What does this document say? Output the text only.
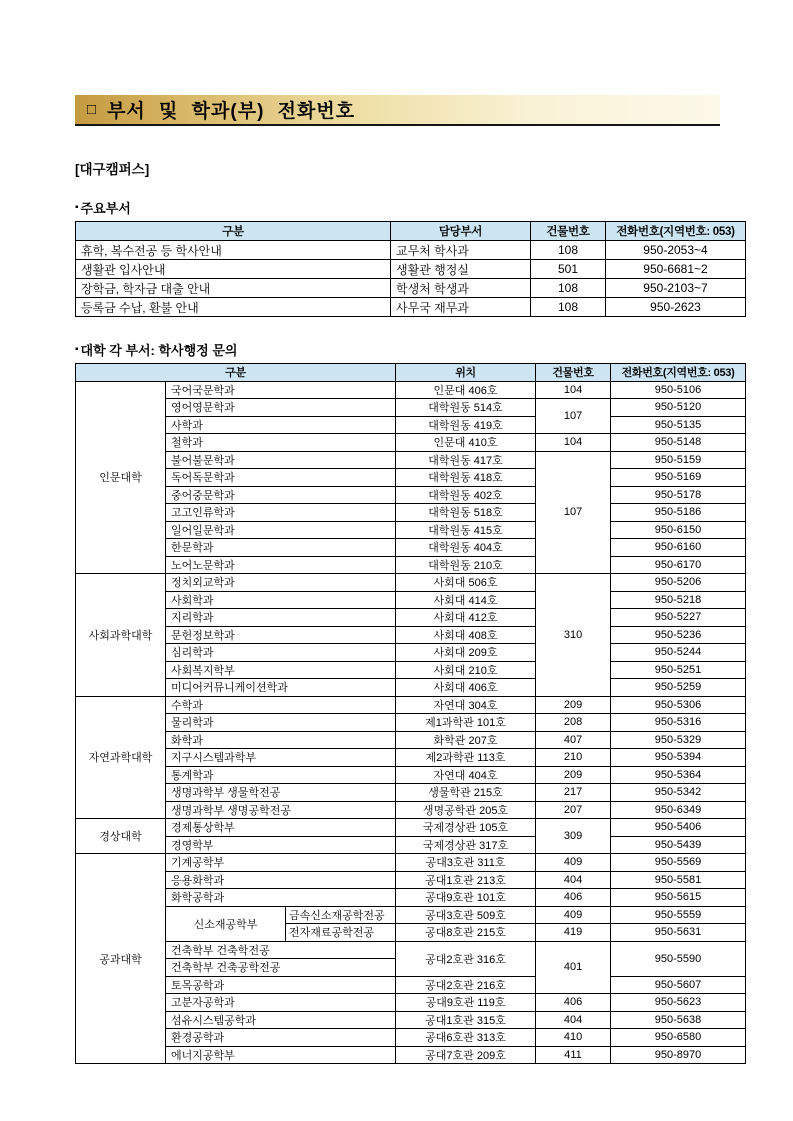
□ 부서 및 학과(부) 전화번호
[대구캠퍼스]
▪ 주요부서
구분	담당부서	건물번호	전화번호(지역번호: 053)
휴학, 복수전공 등 학사안내	교무처 학사과	108	950-2053~4
생활관 입사안내	생활관 행정실	501	950-6681~2
장학금, 학자금 대출 안내	학생처 학생과	108	950-2103~7
등록금 수납, 환불 안내	사무국 재무과	108	950-2623
▪ 대학 각 부서: 학사행정 문의
구분			위치	건물번호	전화번호(지역번호: 053)
인문대학	국어국문학과		인문대 406호	104	950-5106
	영어영문학과		대학원동 514호	107	950-5120
	사학과		대학원동 419호		950-5135
	철학과		인문대 410호	104	950-5148
	불어불문학과		대학원동 417호	107	950-5159
	독어독문학과		대학원동 418호		950-5169
	중어중문학과		대학원동 402호		950-5178
	고고인류학과		대학원동 518호		950-5186
	일어일문학과		대학원동 415호		950-6150
	한문학과		대학원동 404호		950-6160
	노어노문학과		대학원동 210호		950-6170
사회과학대학	정치외교학과		사회대 506호	310	950-5206
	사회학과		사회대 414호		950-5218
	지리학과		사회대 412호		950-5227
	문헌정보학과		사회대 408호		950-5236
	심리학과		사회대 209호		950-5244
	사회복지학부		사회대 210호		950-5251
	미디어커뮤니케이션학과		사회대 406호		950-5259
자연과학대학	수학과		자연대 304호	209	950-5306
	물리학과		제1과학관 101호	208	950-5316
	화학과		화학관 207호	407	950-5329
	지구시스템과학부		제2과학관 113호	210	950-5394
	통계학과		자연대 404호	209	950-5364
	생명과학부 생물학전공		생물학관 215호	217	950-5342
	생명과학부 생명공학전공		생명공학관 205호	207	950-6349
경상대학	경제통상학부		국제경상관 105호	309	950-5406
	경영학부		국제경상관 317호		950-5439
공과대학	기계공학부		공대3호관 311호	409	950-5569
	응용화학과		공대1호관 213호	404	950-5581
	화학공학과		공대9호관 101호	406	950-5615
	신소재공학부	금속신소재공학전공	공대3호관 509호	409	950-5559
		전자재료공학전공	공대8호관 215호	419	950-5631
	건축학부 건축학전공		공대2호관 316호	401	950-5590
	건축학부 건축공학전공				
	토목공학과		공대2호관 216호		950-5607
	고분자공학과		공대9호관 119호	406	950-5623
	섬유시스템공학과		공대1호관 315호	404	950-5638
	환경공학과		공대6호관 313호	410	950-6580
	에너지공학부		공대7호관 209호	411	950-8970
